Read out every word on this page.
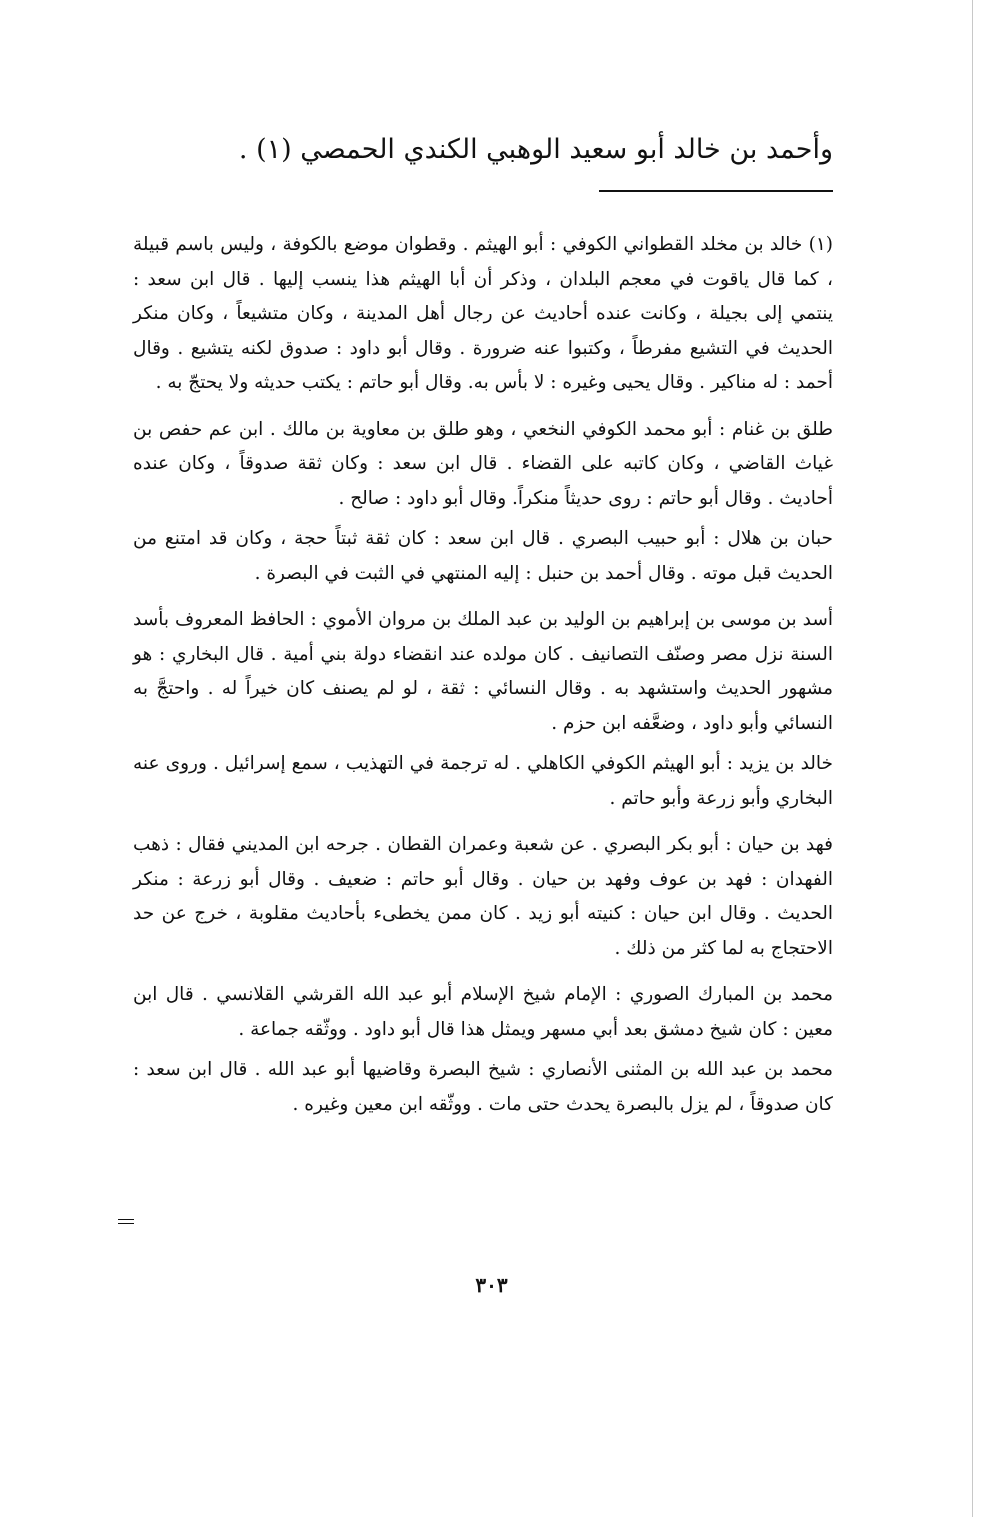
وأحمد بن خالد أبو سعيد الوهبي الكندي الحمصي (١) .

(١) خالد بن مخلد القطواني الكوفي : أبو الهيثم . وقطوان موضع بالكوفة ، وليس باسم قبيلة ، كما قال ياقوت في معجم البلدان ، وذكر أن أبا الهيثم هذا ينسب إليها . قال ابن سعد : ينتمي إلى بجيلة ، وكانت عنده أحاديث عن رجال أهل المدينة ، وكان متشيعاً ، وكان منكر الحديث في التشيع مفرطاً ، وكتبوا عنه ضرورة . وقال أبو داود : صدوق لكنه يتشيع . وقال أحمد : له مناكير . وقال يحيى وغيره : لا بأس به. وقال أبو حاتم : يكتب حديثه ولا يحتجّ به .

طلق بن غنام : أبو محمد الكوفي النخعي ، وهو طلق بن معاوية بن مالك . ابن عم حفص بن غياث القاضي ، وكان كاتبه على القضاء . قال ابن سعد : وكان ثقة صدوقاً ، وكان عنده أحاديث . وقال أبو حاتم : روى حديثاً منكراً. وقال أبو داود : صالح .

حبان بن هلال : أبو حبيب البصري . قال ابن سعد : كان ثقة ثبتاً حجة ، وكان قد امتنع من الحديث قبل موته . وقال أحمد بن حنبل : إليه المنتهي في الثبت في البصرة .

أسد بن موسى بن إبراهيم بن الوليد بن عبد الملك بن مروان الأموي : الحافظ المعروف بأسد السنة نزل مصر وصنّف التصانيف . كان مولده عند انقضاء دولة بني أمية . قال البخاري : هو مشهور الحديث واستشهد به . وقال النسائي : ثقة ، لو لم يصنف كان خيراً له . واحتجَّ به النسائي وأبو داود ، وضعَّفه ابن حزم .

خالد بن يزيد : أبو الهيثم الكوفي الكاهلي . له ترجمة في التهذيب ، سمع إسرائيل . وروى عنه البخاري وأبو زرعة وأبو حاتم .

فهد بن حيان : أبو بكر البصري . عن شعبة وعمران القطان . جرحه ابن المديني فقال : ذهب الفهدان : فهد بن عوف وفهد بن حيان . وقال أبو حاتم : ضعيف . وقال أبو زرعة : منكر الحديث . وقال ابن حيان : كنيته أبو زيد . كان ممن يخطىء بأحاديث مقلوبة ، خرج عن حد الاحتجاج به لما كثر من ذلك .

محمد بن المبارك الصوري : الإمام شيخ الإسلام أبو عبد الله القرشي القلانسي . قال ابن معين : كان شيخ دمشق بعد أبي مسهر ويمثل هذا قال أبو داود . ووثّقه جماعة .

محمد بن عبد الله بن المثنى الأنصاري : شيخ البصرة وقاضيها أبو عبد الله . قال ابن سعد : كان صدوقاً ، لم يزل بالبصرة يحدث حتى مات . ووثّقه ابن معين وغيره .

٣٠٣
